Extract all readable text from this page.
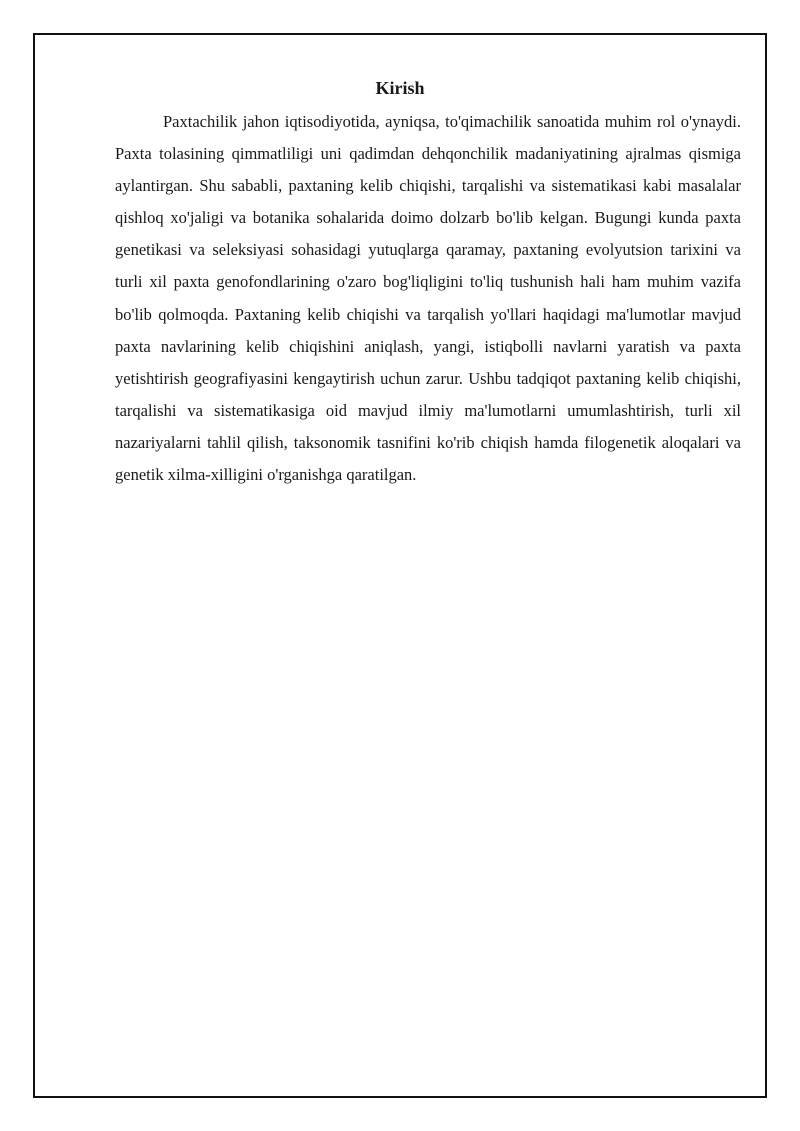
Kirish

Paxtachilik jahon iqtisodiyotida, ayniqsa, to'qimachilik sanoatida muhim rol o'ynaydi. Paxta tolasining qimmatliligi uni qadimdan dehqonchilik madaniyatining ajralmas qismiga aylantirgan. Shu sababli, paxtaning kelib chiqishi, tarqalishi va sistematikasi kabi masalalar qishloq xo'jaligi va botanika sohalarida doimo dolzarb bo'lib kelgan. Bugungi kunda paxta genetikasi va seleksiyasi sohasidagi yutuqlarga qaramay, paxtaning evolyutsion tarixini va turli xil paxta genofondlarining o'zaro bog'liqligini to'liq tushunish hali ham muhim vazifa bo'lib qolmoqda. Paxtaning kelib chiqishi va tarqalish yo'llari haqidagi ma'lumotlar mavjud paxta navlarining kelib chiqishini aniqlash, yangi, istiqbolli navlarni yaratish va paxta yetishtirish geografiyasini kengaytirish uchun zarur. Ushbu tadqiqot paxtaning kelib chiqishi, tarqalishi va sistematikasiga oid mavjud ilmiy ma'lumotlarni umumlashtirish, turli xil nazariyalarni tahlil qilish, taksonomik tasnifini ko'rib chiqish hamda filogenetik aloqalari va genetik xilma-xilligini o'rganishga qaratilgan.
